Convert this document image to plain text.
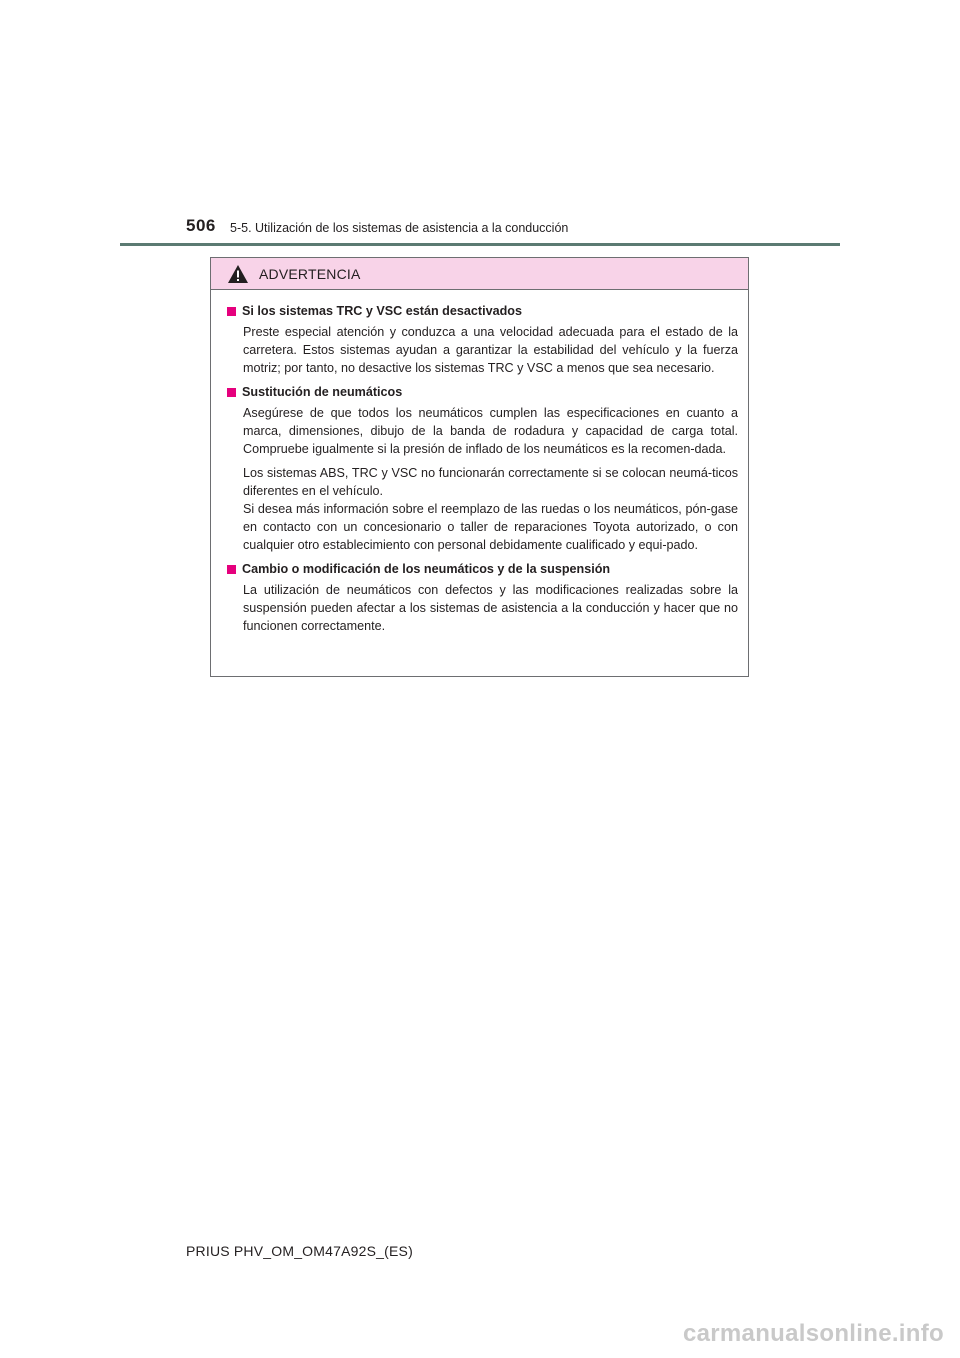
506 5-5. Utilización de los sistemas de asistencia a la conducción
ADVERTENCIA
Si los sistemas TRC y VSC están desactivados

Preste especial atención y conduzca a una velocidad adecuada para el estado de la carretera. Estos sistemas ayudan a garantizar la estabilidad del vehículo y la fuerza motriz; por tanto, no desactive los sistemas TRC y VSC a menos que sea necesario.

Sustitución de neumáticos

Asegúrese de que todos los neumáticos cumplen las especificaciones en cuanto a marca, dimensiones, dibujo de la banda de rodadura y capacidad de carga total. Compruebe igualmente si la presión de inflado de los neumáticos es la recomen-dada.

Los sistemas ABS, TRC y VSC no funcionarán correctamente si se colocan neumá-ticos diferentes en el vehículo.

Si desea más información sobre el reemplazo de las ruedas o los neumáticos, pón-gase en contacto con un concesionario o taller de reparaciones Toyota autorizado, o con cualquier otro establecimiento con personal debidamente cualificado y equi-pado.

Cambio o modificación de los neumáticos y de la suspensión

La utilización de neumáticos con defectos y las modificaciones realizadas sobre la suspensión pueden afectar a los sistemas de asistencia a la conducción y hacer que no funcionen correctamente.

PRIUS PHV_OM_OM47A92S_(ES)
carmanualsonline.info
